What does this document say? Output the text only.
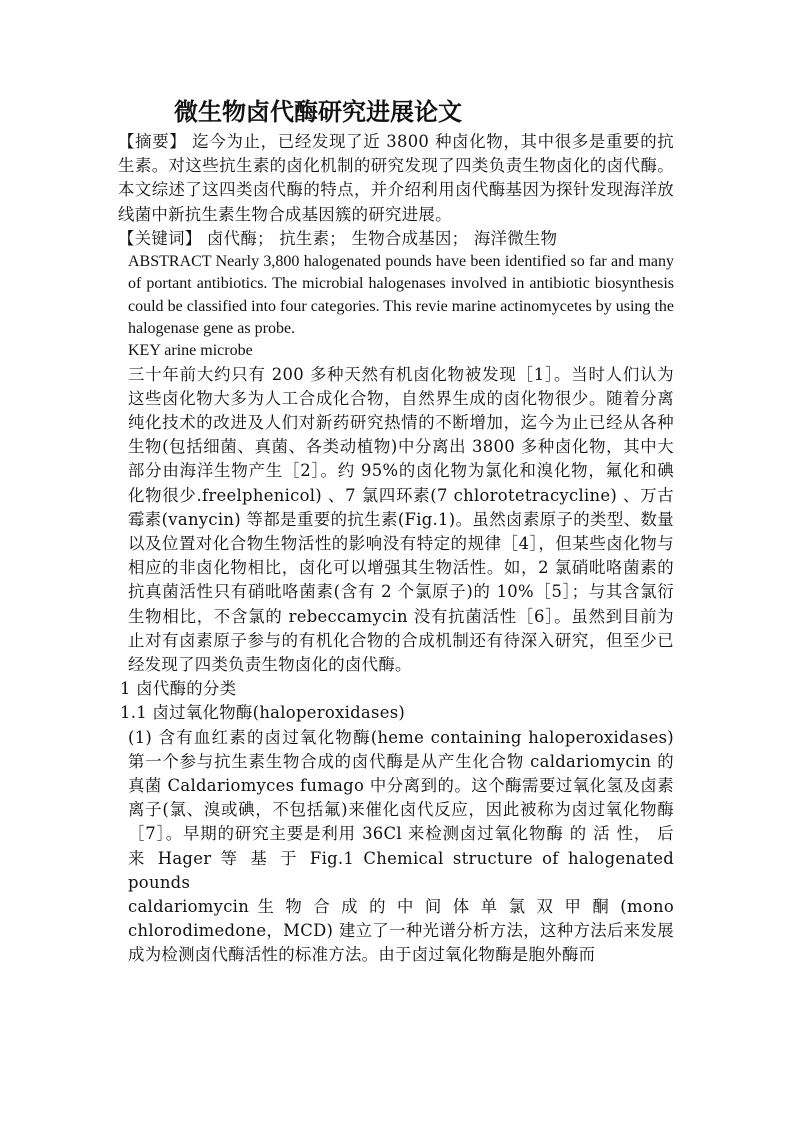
微生物卤代酶研究进展论文

【摘要】 迄今为止，已经发现了近 3800 种卤化物，其中很多是重要的抗生素。对这些抗生素的卤化机制的研究发现了四类负责生物卤化的卤代酶。本文综述了这四类卤代酶的特点，并介绍利用卤代酶基因为探针发现海洋放线菌中新抗生素生物合成基因簇的研究进展。

【关键词】 卤代酶； 抗生素； 生物合成基因； 海洋微生物

ABSTRACT Nearly 3,800 halogenated pounds have been identified so far and many of portant antibiotics. The microbial halogenases involved in antibiotic biosynthesis could be classified into four categories. This revie marine actinomycetes by using the halogenase gene as probe.

KEY arine microbe

三十年前大约只有 200 多种天然有机卤化物被发现［1］。当时人们认为这些卤化物大多为人工合成化合物，自然界生成的卤化物很少。随着分离纯化技术的改进及人们对新药研究热情的不断增加，迄今为止已经从各种生物(包括细菌、真菌、各类动植物)中分离出 3800 多种卤化物，其中大部分由海洋生物产生［2］。约 95%的卤化物为氯化和溴化物，氟化和碘化物很少.freelphenicol) 、7 氯四环素(7 chlorotetracycline) 、万古霉素(vanycin) 等都是重要的抗生素(Fig.1)。虽然卤素原子的类型、数量以及位置对化合物生物活性的影响没有特定的规律［4］，但某些卤化物与相应的非卤化物相比，卤化可以增强其生物活性。如，2 氯硝吡咯菌素的抗真菌活性只有硝吡咯菌素(含有 2 个氯原子)的 10%［5］；与其含氯衍生物相比，不含氯的 rebeccamycin 没有抗菌活性［6］。虽然到目前为止对有卤素原子参与的有机化合物的合成机制还有待深入研究，但至少已经发现了四类负责生物卤化的卤代酶。

1 卤代酶的分类

1.1 卤过氧化物酶(haloperoxidases)

(1) 含有血红素的卤过氧化物酶(heme containing haloperoxidases) 第一个参与抗生素生物合成的卤代酶是从产生化合物 caldariomycin 的真菌 Caldariomyces fumago 中分离到的。这个酶需要过氧化氢及卤素离子(氯、溴或碘，不包括氟)来催化卤代反应，因此被称为卤过氧化物酶［7］。早期的研究主要是利用 36Cl 来检测卤过氧化物酶 的 活 性， 后 来 Hager 等 基 于 Fig.1 Chemical structure of halogenated pounds

caldariomycin 生 物 合 成 的 中 间 体 单 氯 双 甲 酮 (mono chlorodimedone，MCD) 建立了一种光谱分析方法，这种方法后来发展成为检测卤代酶活性的标准方法。由于卤过氧化物酶是胞外酶而
